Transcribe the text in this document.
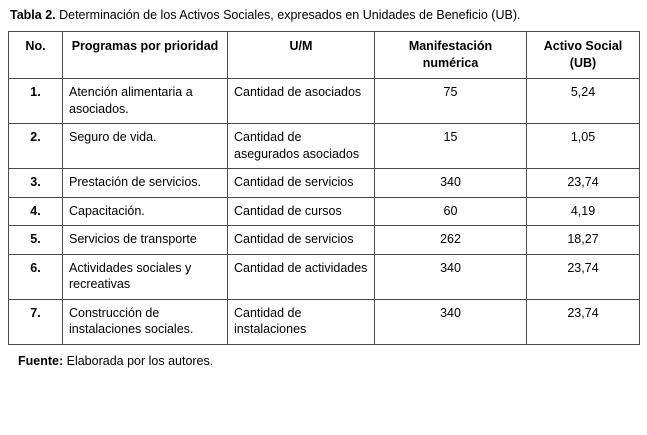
Tabla 2. Determinación de los Activos Sociales, expresados en Unidades de Beneficio (UB).

No.	Programas por prioridad	U/M	Manifestación numérica	Activo Social (UB)
1.	Atención alimentaria a asociados.	Cantidad de asociados	75	5,24
2.	Seguro de vida.	Cantidad de asegurados asociados	15	1,05
3.	Prestación de servicios.	Cantidad de servicios	340	23,74
4.	Capacitación.	Cantidad de cursos	60	4,19
5.	Servicios de transporte	Cantidad de servicios	262	18,27
6.	Actividades sociales y recreativas	Cantidad de actividades	340	23,74
7.	Construcción de instalaciones sociales.	Cantidad de instalaciones	340	23,74

Fuente: Elaborada por los autores.
